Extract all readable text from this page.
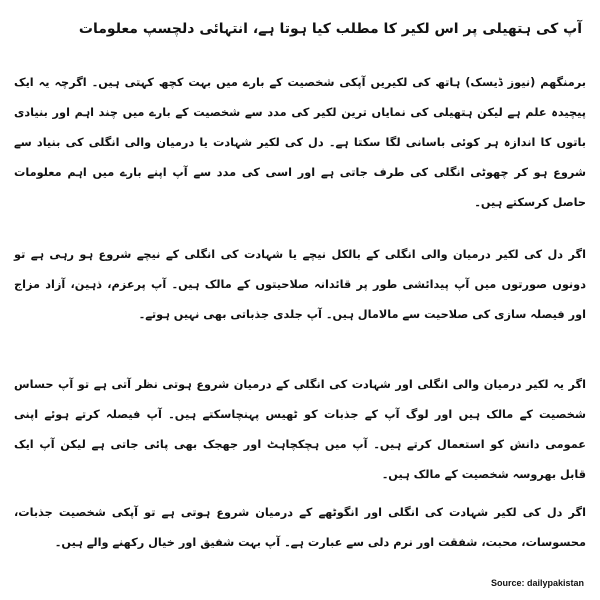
آپ کی ہتھیلی پر اس لکیر کا مطلب کیا ہوتا ہے، انتہائی دلچسپ معلومات

برمنگھم (نیوز ڈیسک) ہاتھ کی لکیریں آپکی شخصیت کے بارے میں بہت کچھ کہتی ہیں۔ اگرچہ یہ ایک پیچیدہ علم ہے لیکن ہتھیلی کی نمایاں ترین لکیر کی مدد سے شخصیت کے بارے میں چند اہم اور بنیادی باتوں کا اندازہ ہر کوئی باسانی لگا سکتا ہے۔ دل کی لکیر شہادت یا درمیان والی انگلی کی بنیاد سے شروع ہو کر چھوٹی انگلی کی طرف جاتی ہے اور اسی کی مدد سے آپ اپنے بارے میں اہم معلومات حاصل کرسکتے ہیں۔

اگر دل کی لکیر درمیان والی انگلی کے بالکل نیچے یا شہادت کی انگلی کے نیچے شروع ہو رہی ہے تو دونوں صورتوں میں آپ پیدائشی طور پر قائدانہ صلاحیتوں کے مالک ہیں۔ آپ پرعزم، ذہین، آزاد مزاج اور فیصلہ سازی کی صلاحیت سے مالامال ہیں۔ آپ جلدی جذباتی بھی نہیں ہوتے۔

اگر یہ لکیر درمیان والی انگلی اور شہادت کی انگلی کے درمیان شروع ہوتی نظر آتی ہے تو آپ حساس شخصیت کے مالک ہیں اور لوگ آپ کے جذبات کو ٹھیس پہنچاسکتے ہیں۔ آپ فیصلہ کرتے ہوئے اپنی عمومی دانش کو استعمال کرتے ہیں۔ آپ میں ہچکچاہٹ اور جھجک بھی پائی جاتی ہے لیکن آپ ایک قابل بھروسہ شخصیت کے مالک ہیں۔

اگر دل کی لکیر شہادت کی انگلی اور انگوٹھے کے درمیان شروع ہوتی ہے تو آپکی شخصیت جذبات، محسوسات، محبت، شفقت اور نرم دلی سے عبارت ہے۔ آپ بہت شفیق اور خیال رکھنے والے ہیں۔

Source: dailypakistan
